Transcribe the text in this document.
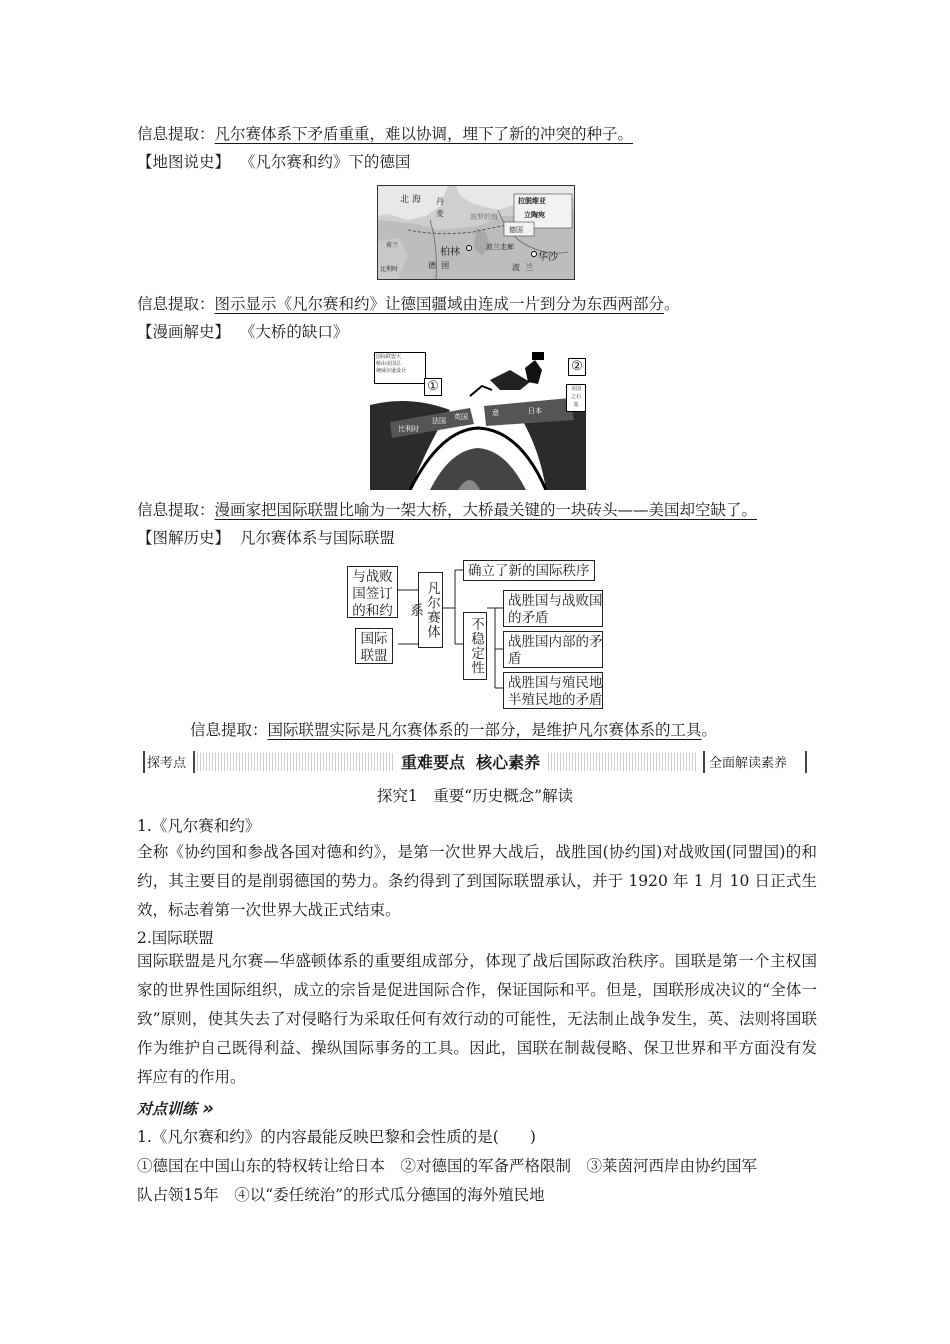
信息提取：凡尔赛体系下矛盾重重，难以协调，埋下了新的冲突的种子。
【地图说史】 《凡尔赛和约》下的德国
北 海 丹
麦	波罗的海
拉脱维亚
立陶宛
德国
柏林	波兰走廊
华沙
德  国	波  兰
荷兰
比利时
信息提取：图示显示《凡尔赛和约》让德国疆域由连成一片到分为东西两部分。
【漫画解史】 《大桥的缺口》
国际联盟大
桥由美国总
统威尔逊设计
①
②
美国
之石
基
比利时
法国 英国	意	日本
信息提取：漫画家把国际联盟比喻为一架大桥，大桥最关键的一块砖头——美国却空缺了。
【图解历史】 凡尔赛体系与国际联盟
与战败
国签订
的和约
国际
联盟
凡尔赛体系
确立了新的国际秩序
不稳定性
战胜国与战败国
的矛盾
战胜国内部的矛
盾
战胜国与殖民地
半殖民地的矛盾
信息提取：国际联盟实际是凡尔赛体系的一部分，是维护凡尔赛体系的工具。
探考点	重难要点  核心素养	全面解读素养
探究1　重要“历史概念”解读
1.《凡尔赛和约》
全称《协约国和参战各国对德和约》，是第一次世界大战后，战胜国(协约国)对战败国(同盟国)的和约，其主要目的是削弱德国的势力。条约得到了到国际联盟承认，并于 1920 年 1 月 10 日正式生效，标志着第一次世界大战正式结束。
2.国际联盟
国际联盟是凡尔赛—华盛顿体系的重要组成部分，体现了战后国际政治秩序。国联是第一个主权国家的世界性国际组织，成立的宗旨是促进国际合作，保证国际和平。但是，国联形成决议的“全体一致”原则，使其失去了对侵略行为采取任何有效行动的可能性，无法制止战争发生，英、法则将国联作为维护自己既得利益、操纵国际事务的工具。因此，国联在制裁侵略、保卫世界和平方面没有发挥应有的作用。
对点训练 »
1.《凡尔赛和约》的内容最能反映巴黎和会性质的是(　　)
①德国在中国山东的特权转让给日本　②对德国的军备严格限制　③莱茵河西岸由协约国军
队占领15年　④以“委任统治”的形式瓜分德国的海外殖民地
